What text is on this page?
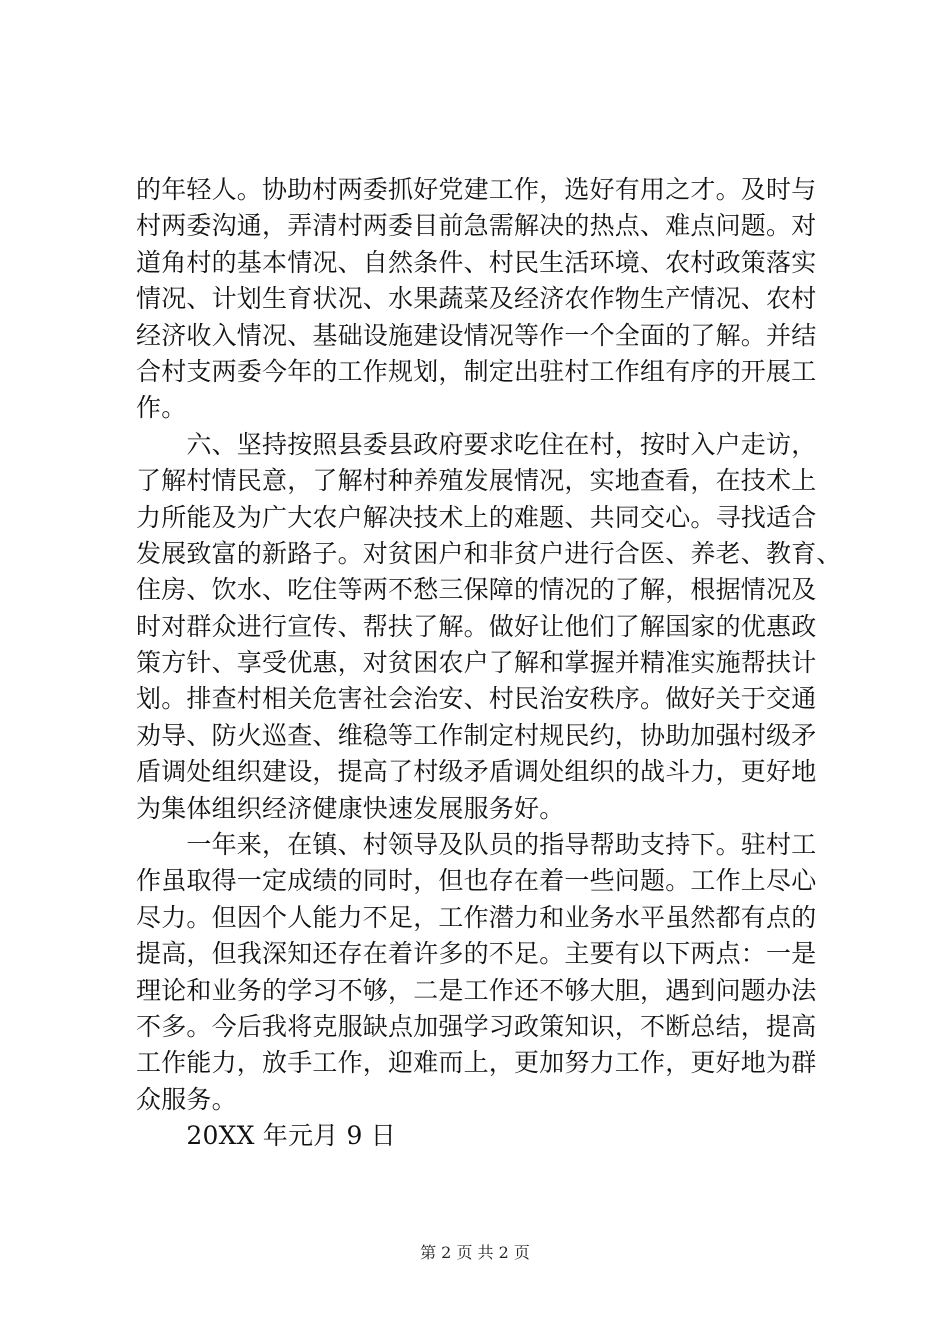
的年轻人。协助村两委抓好党建工作，选好有用之才。及时与
村两委沟通，弄清村两委目前急需解决的热点、难点问题。对
道角村的基本情况、自然条件、村民生活环境、农村政策落实
情况、计划生育状况、水果蔬菜及经济农作物生产情况、农村
经济收入情况、基础设施建设情况等作一个全面的了解。并结
合村支两委今年的工作规划，制定出驻村工作组有序的开展工
作。
　　六、坚持按照县委县政府要求吃住在村，按时入户走访，
了解村情民意，了解村种养殖发展情况，实地查看，在技术上
力所能及为广大农户解决技术上的难题、共同交心。寻找适合
发展致富的新路子。对贫困户和非贫户进行合医、养老、教育、
住房、饮水、吃住等两不愁三保障的情况的了解，根据情况及
时对群众进行宣传、帮扶了解。做好让他们了解国家的优惠政
策方针、享受优惠，对贫困农户了解和掌握并精准实施帮扶计
划。排查村相关危害社会治安、村民治安秩序。做好关于交通
劝导、防火巡查、维稳等工作制定村规民约，协助加强村级矛
盾调处组织建设，提高了村级矛盾调处组织的战斗力，更好地
为集体组织经济健康快速发展服务好。
　　一年来，在镇、村领导及队员的指导帮助支持下。驻村工
作虽取得一定成绩的同时，但也存在着一些问题。工作上尽心
尽力。但因个人能力不足，工作潜力和业务水平虽然都有点的
提高，但我深知还存在着许多的不足。主要有以下两点：一是
理论和业务的学习不够，二是工作还不够大胆，遇到问题办法
不多。今后我将克服缺点加强学习政策知识，不断总结，提高
工作能力，放手工作，迎难而上，更加努力工作，更好地为群
众服务。
　　20XX 年元月 9 日
第 2 页 共 2 页
